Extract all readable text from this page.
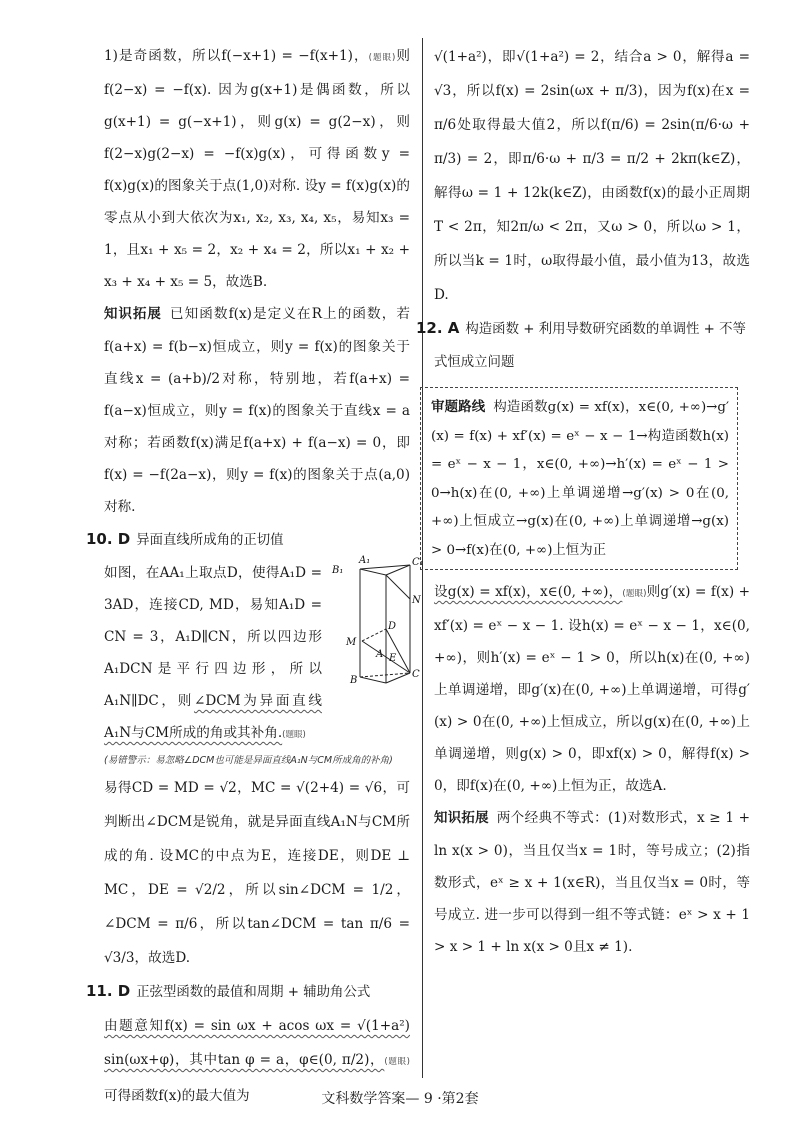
1)是奇函数，所以f(−x+1) = −f(x+1)，(题眼)则f(2−x) = −f(x). 因为g(x+1)是偶函数，所以g(x+1) = g(−x+1)，则g(x) = g(2−x)，则f(2−x)g(2−x) = −f(x)g(x)，可得函数y = f(x)g(x)的图象关于点(1,0)对称. 设y = f(x)g(x)的零点从小到大依次为x₁, x₂, x₃, x₄, x₅，易知x₃ = 1，且x₁ + x₅ = 2，x₂ + x₄ = 2，所以x₁ + x₂ + x₃ + x₄ + x₅ = 5，故选B.

知识拓展 已知函数f(x)是定义在R上的函数，若f(a+x) = f(b−x)恒成立，则y = f(x)的图象关于直线x = (a+b)/2对称，特别地，若f(a+x) = f(a−x)恒成立，则y = f(x)的图象关于直线x = a对称；若函数f(x)满足f(a+x) + f(a−x) = 0，即f(x) = −f(2a−x)，则y = f(x)的图象关于点(a,0)对称.

10. D 异面直线所成角的正切值

A₁
B₁
C₁
N
M
D
A E
B
C

如图，在AA₁上取点D，使得A₁D = 3AD，连接CD, MD，易知A₁D = CN = 3，A₁D∥CN，所以四边形A₁DCN是平行四边形，所以A₁N∥DC，则∠DCM为异面直线A₁N与CM所成的角或其补角.(题眼)

(易错警示：易忽略∠DCM也可能是异面直线A₁N与CM所成角的补角)

易得CD = MD = √2，MC = √(2+4) = √6，可判断出∠DCM是锐角，就是异面直线A₁N与CM所成的角. 设MC的中点为E，连接DE，则DE ⊥ MC，DE = √2/2，所以sin∠DCM = 1/2，∠DCM = π/6，所以tan∠DCM = tan π/6 = √3/3，故选D.

11. D 正弦型函数的最值和周期 + 辅助角公式

由题意知f(x) = sin ωx + acos ωx = √(1+a²) sin(ωx+φ)，其中tan φ = a，φ∈(0, π/2)，(题眼)可得函数f(x)的最大值为

√(1+a²)，即√(1+a²) = 2，结合a > 0，解得a = √3，所以f(x) = 2sin(ωx + π/3)，因为f(x)在x = π/6处取得最大值2，所以f(π/6) = 2sin(π/6·ω + π/3) = 2，即π/6·ω + π/3 = π/2 + 2kπ(k∈Z)，解得ω = 1 + 12k(k∈Z)，由函数f(x)的最小正周期T < 2π，知2π/ω < 2π，又ω > 0，所以ω > 1，所以当k = 1时，ω取得最小值，最小值为13，故选D.

12. A 构造函数 + 利用导数研究函数的单调性 + 不等式恒成立问题

审题路线 构造函数g(x) = xf(x)，x∈(0, +∞)→g′(x) = f(x) + xf′(x) = eˣ − x − 1→构造函数h(x) = eˣ − x − 1，x∈(0, +∞)→h′(x) = eˣ − 1 > 0→h(x)在(0, +∞)上单调递增→g′(x) > 0在(0, +∞)上恒成立→g(x)在(0, +∞)上单调递增→g(x) > 0→f(x)在(0, +∞)上恒为正

设g(x) = xf(x)，x∈(0, +∞)，(题眼)则g′(x) = f(x) + xf′(x) = eˣ − x − 1. 设h(x) = eˣ − x − 1，x∈(0, +∞)，则h′(x) = eˣ − 1 > 0，所以h(x)在(0, +∞)上单调递增，即g′(x)在(0, +∞)上单调递增，可得g′(x) > 0在(0, +∞)上恒成立，所以g(x)在(0, +∞)上单调递增，则g(x) > 0，即xf(x) > 0，解得f(x) > 0，即f(x)在(0, +∞)上恒为正，故选A.

知识拓展 两个经典不等式：(1)对数形式，x ≥ 1 + ln x(x > 0)，当且仅当x = 1时，等号成立；(2)指数形式，eˣ ≥ x + 1(x∈R)，当且仅当x = 0时，等号成立. 进一步可以得到一组不等式链：eˣ > x + 1 > x > 1 + ln x(x > 0且x ≠ 1).

文科数学答案— 9 ·第2套
